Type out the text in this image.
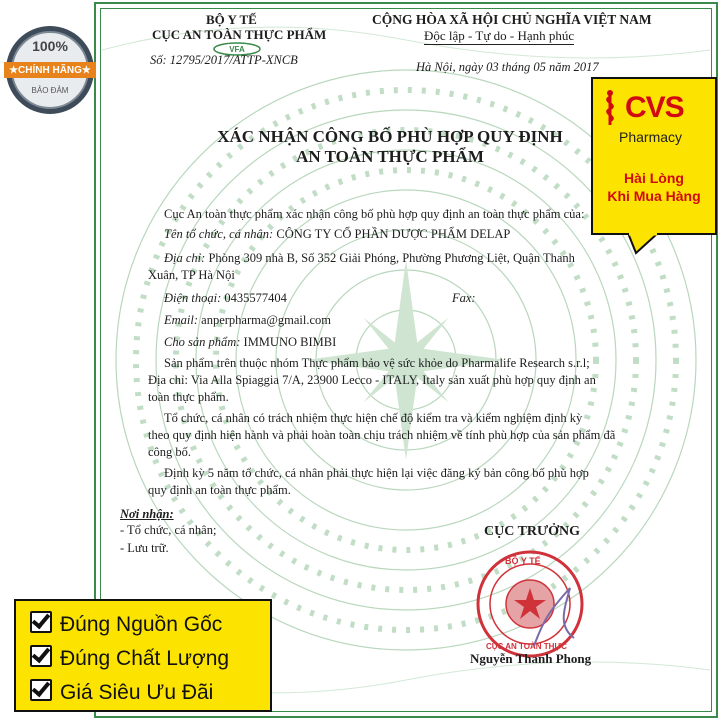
100%
★CHÍNH HÃNG★
BẢO ĐẢM
BỘ Y TẾ
CỤC AN TOÀN THỰC PHẨM
VFA
Số: 12795/2017/ATTP-XNCB
CỘNG HÒA XÃ HỘI CHỦ NGHĨA VIỆT NAM
Độc lập - Tự do - Hạnh phúc
Hà Nội, ngày 03 tháng 05 năm 2017
XÁC NHẬN CÔNG BỐ PHÙ HỢP QUY ĐỊNH
AN TOÀN THỰC PHẨM
Cục An toàn thực phẩm xác nhận công bố phù hợp quy định an toàn thực phẩm của:
Tên tổ chức, cá nhân: CÔNG TY CỔ PHẦN DƯỢC PHẨM DELAP
Địa chỉ: Phòng 309 nhà B, Số 352 Giải Phóng, Phường Phương Liệt, Quận Thanh
Xuân, TP Hà Nội
Điện thoại: 0435577404	Fax:
Email: anperpharma@gmail.com
Cho sản phẩm: IMMUNO BIMBI
Sản phẩm trên thuộc nhóm Thực phẩm bảo vệ sức khỏe do Pharmalife Research s.r.l;
Địa chỉ: Via Alla Spiaggia 7/A, 23900 Lecco - ITALY, Italy sản xuất phù hợp quy định an
toàn thực phẩm.
Tổ chức, cá nhân có trách nhiệm thực hiện chế độ kiểm tra và kiểm nghiệm định kỳ
theo quy định hiện hành và phải hoàn toàn chịu trách nhiệm về tính phù hợp của sản phẩm đã
công bố.
Định kỳ 5 năm tổ chức, cá nhân phải thực hiện lại việc đăng ký bản công bố phù hợp
quy định an toàn thực phẩm.
Nơi nhận:
- Tổ chức, cá nhân;
- Lưu trữ.
CỤC TRƯỞNG
BỘ Y TẾ
CỤC AN TOÀN THỰC
Nguyễn Thanh Phong
CVS
Pharmacy
Hài Lòng
Khi Mua Hàng
Đúng Nguồn Gốc
Đúng Chất Lượng
Giá Siêu Ưu Đãi
